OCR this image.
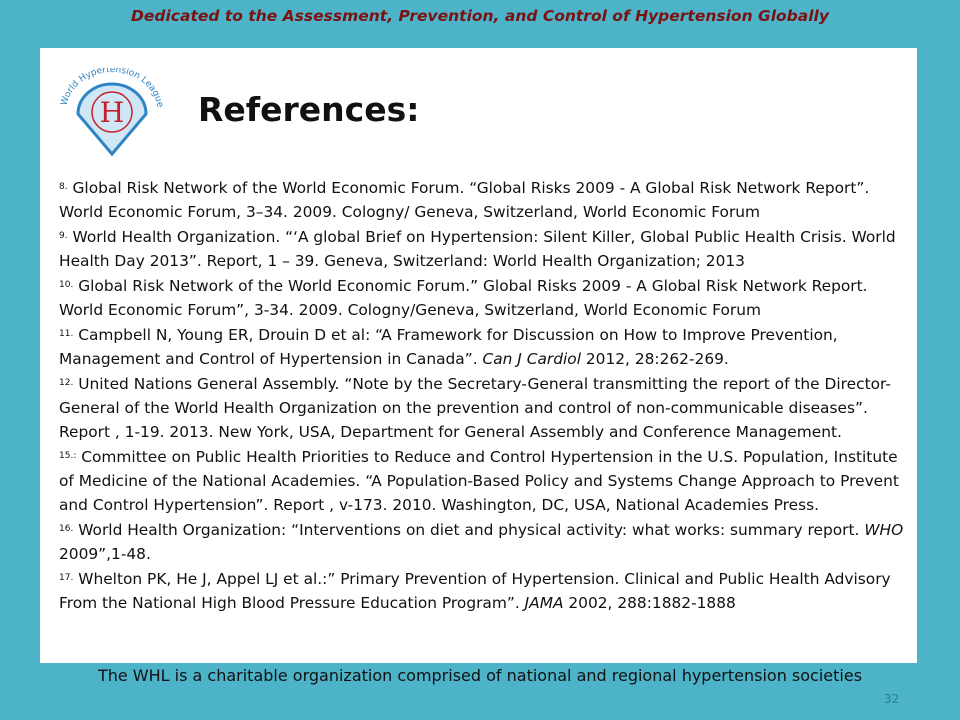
Dedicated to the Assessment, Prevention, and Control of Hypertension Globally
World Hypertension League
H References:

$^{8.}$ Global Risk Network of the World Economic Forum. “Global Risks 2009 - A Global Risk Network Report”. World Economic Forum, 3–34. 2009. Cologny/ Geneva, Switzerland, World Economic Forum

$^{9.}$ World Health Organization. “‘A global Brief on Hypertension: Silent Killer, Global Public Health Crisis. World Health Day 2013”. Report, 1 – 39. Geneva, Switzerland: World Health Organization; 2013

$^{10.}$ Global Risk Network of the World Economic Forum.” Global Risks 2009 - A Global Risk Network Report. World Economic Forum”, 3-34. 2009. Cologny/Geneva, Switzerland, World Economic Forum

$^{11.}$ Campbell N, Young ER, Drouin D et al: “A Framework for Discussion on How to Improve Prevention, Management and Control of Hypertension in Canada”. Can J Cardiol 2012, 28:262-269.

$^{12.}$ United Nations General Assembly. “Note by the Secretary-General transmitting the report of the Director-General of the World Health Organization on the prevention and control of non-communicable diseases”. Report , 1-19. 2013. New York, USA, Department for General Assembly and Conference Management.

$^{15.:}$ Committee on Public Health Priorities to Reduce and Control Hypertension in the U.S. Population, Institute of Medicine of the National Academies. “A Population-Based Policy and Systems Change Approach to Prevent and Control Hypertension”. Report , v-173. 2010. Washington, DC, USA, National Academies Press.

$^{16.}$ World Health Organization: “Interventions on diet and physical activity: what works: summary report. WHO 2009”,1-48.

$^{17.}$ Whelton PK, He J, Appel LJ et al.:” Primary Prevention of Hypertension. Clinical and Public Health Advisory From the National High Blood Pressure Education Program”. JAMA 2002, 288:1882-1888

The WHL is a charitable organization comprised of national and regional hypertension societies
32
